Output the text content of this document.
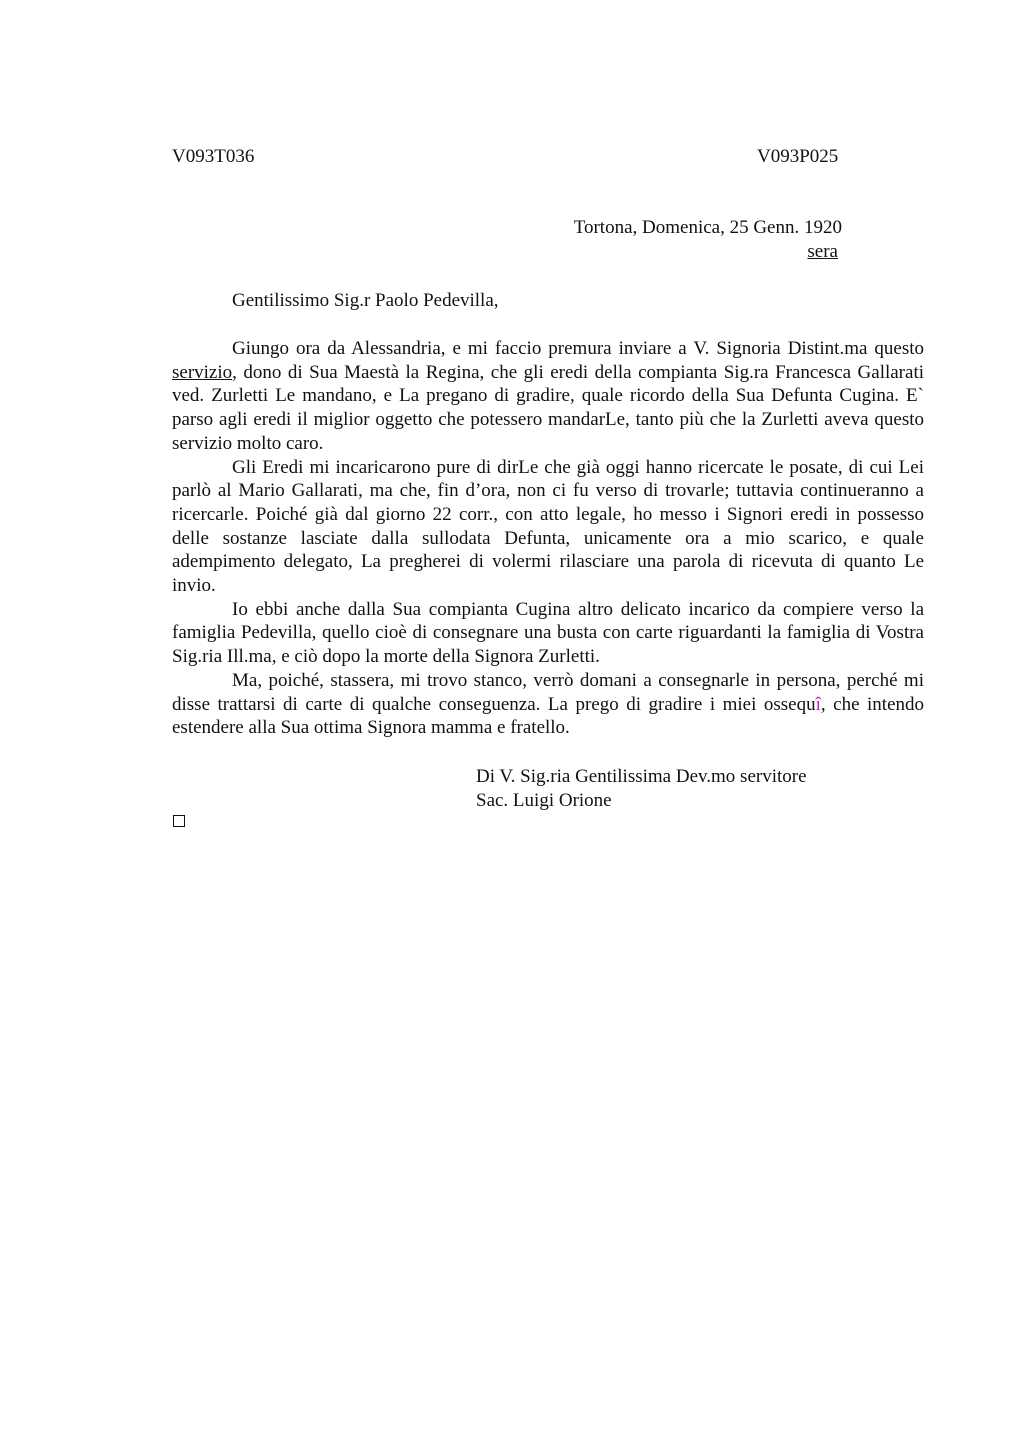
V093T036	V093P025
Tortona, Domenica, 25 Genn. 1920
sera
Gentilissimo Sig.r Paolo Pedevilla,

Giungo ora da Alessandria, e mi faccio premura inviare a V. Signoria Distint.ma questo servizio, dono di Sua Maestà la Regina, che gli eredi della compianta Sig.ra Francesca Gallarati ved. Zurletti Le mandano, e La pregano di gradire, quale ricordo della Sua Defunta Cugina. E` parso agli eredi il miglior oggetto che potessero mandarLe, tanto più che la Zurletti aveva questo servizio molto caro.

Gli Eredi mi incaricarono pure di dirLe che già oggi hanno ricercate le posate, di cui Lei parlò al Mario Gallarati, ma che, fin d’ora, non ci fu verso di trovarle; tuttavia continueranno a ricercarle. Poiché già dal giorno 22 corr., con atto legale, ho messo i Signori eredi in possesso delle sostanze lasciate dalla sullodata Defunta, unicamente ora a mio scarico, e quale adempimento delegato, La pregherei di volermi rilasciare una parola di ricevuta di quanto Le invio.

Io ebbi anche dalla Sua compianta Cugina altro delicato incarico da compiere verso la famiglia Pedevilla, quello cioè di consegnare una busta con carte riguardanti la famiglia di Vostra Sig.ria Ill.ma, e ciò dopo la morte della Signora Zurletti.

Ma, poiché, stassera, mi trovo stanco, verrò domani a consegnarle in persona, perché mi disse trattarsi di carte di qualche conseguenza. La prego di gradire i miei ossequî, che intendo estendere alla Sua ottima Signora mamma e fratello.

Di V. Sig.ria Gentilissima Dev.mo servitore
Sac. Luigi Orione
